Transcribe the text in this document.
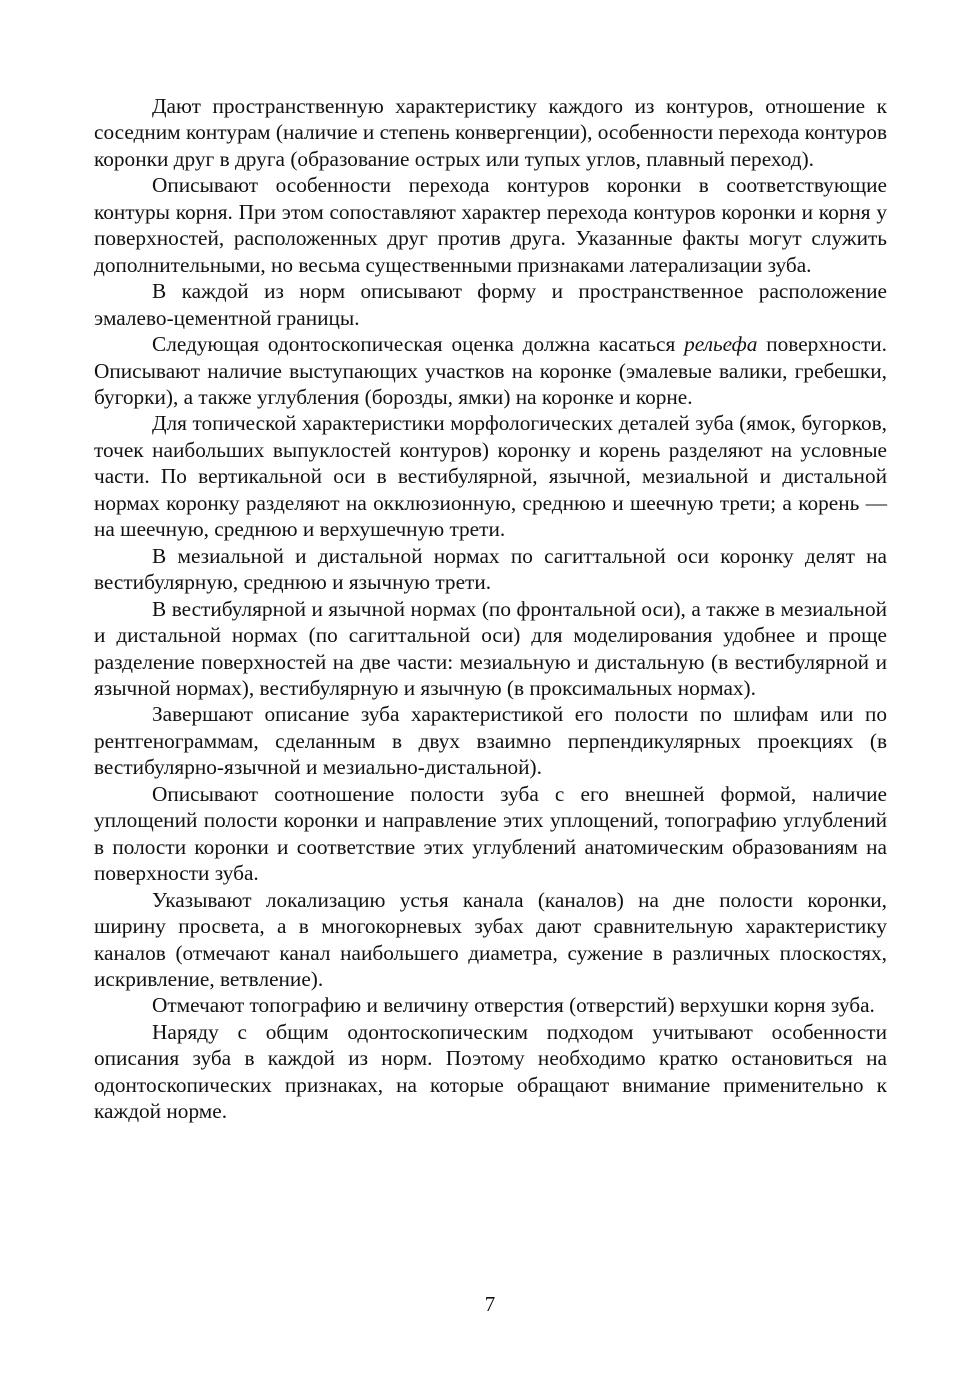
Дают пространственную характеристику каждого из контуров, отношение к соседним контурам (наличие и степень конвергенции), особенности перехода контуров коронки друг в друга (образование острых или тупых углов, плавный переход).

Описывают особенности перехода контуров коронки в соответствующие контуры корня. При этом сопоставляют характер перехода контуров коронки и корня у поверхностей, расположенных друг против друга. Указанные факты могут служить дополнительными, но весьма существенными признаками латерализации зуба.

В каждой из норм описывают форму и пространственное расположение эмалево-цементной границы.

Следующая одонтоскопическая оценка должна касаться рельефа поверхности. Описывают наличие выступающих участков на коронке (эмалевые валики, гребешки, бугорки), а также углубления (борозды, ямки) на коронке и корне.

Для топической характеристики морфологических деталей зуба (ямок, бугорков, точек наибольших выпуклостей контуров) коронку и корень разделяют на условные части. По вертикальной оси в вестибулярной, язычной, мезиальной и дистальной нормах коронку разделяют на окклюзионную, среднюю и шеечную трети; а корень — на шеечную, среднюю и верхушечную трети.

В мезиальной и дистальной нормах по сагиттальной оси коронку делят на вестибулярную, среднюю и язычную трети.

В вестибулярной и язычной нормах (по фронтальной оси), а также в мезиальной и дистальной нормах (по сагиттальной оси) для моделирования удобнее и проще разделение поверхностей на две части: мезиальную и дистальную (в вестибулярной и язычной нормах), вестибулярную и язычную (в проксимальных нормах).

Завершают описание зуба характеристикой его полости по шлифам или по рентгенограммам, сделанным в двух взаимно перпендикулярных проекциях (в вестибулярно-язычной и мезиально-дистальной).

Описывают соотношение полости зуба с его внешней формой, наличие уплощений полости коронки и направление этих уплощений, топографию углублений в полости коронки и соответствие этих углублений анатомическим образованиям на поверхности зуба.

Указывают локализацию устья канала (каналов) на дне полости коронки, ширину просвета, а в многокорневых зубах дают сравнительную характеристику каналов (отмечают канал наибольшего диаметра, сужение в различных плоскостях, искривление, ветвление).

Отмечают топографию и величину отверстия (отверстий) верхушки корня зуба.

Наряду с общим одонтоскопическим подходом учитывают особенности описания зуба в каждой из норм. Поэтому необходимо кратко остановиться на одонтоскопических признаках, на которые обращают внимание применительно к каждой норме.

7
